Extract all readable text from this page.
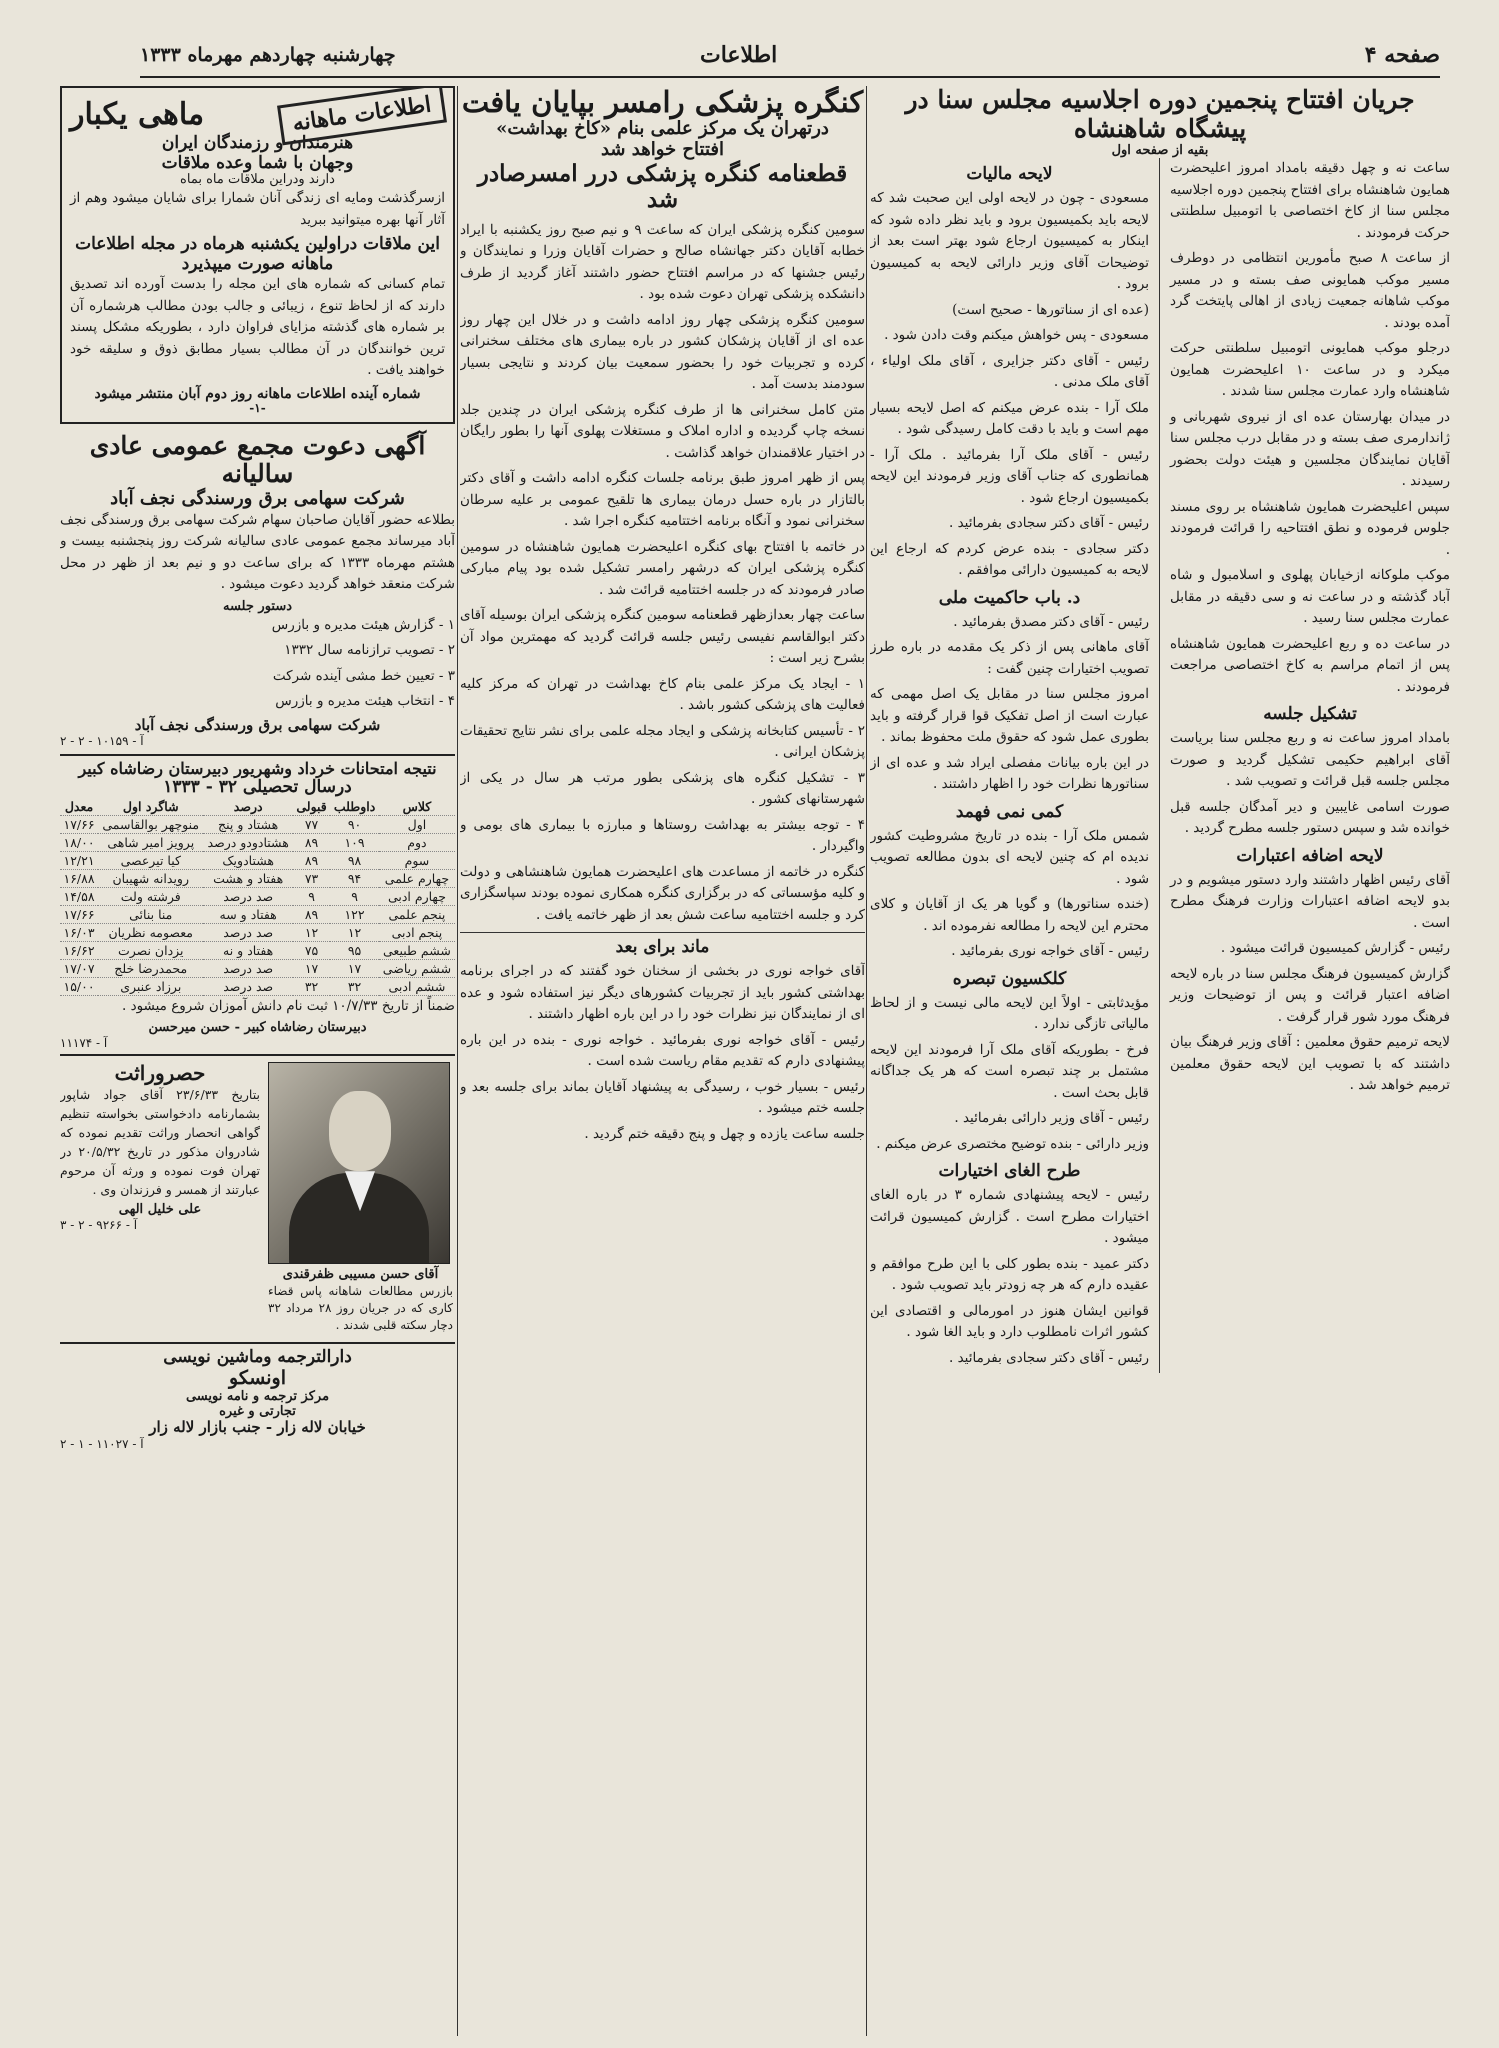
چهارشنبه چهاردهم مهرماه ۱۳۳۳	اطلاعات	صفحه ۴
ماهی یکبار	اطلاعات ماهانه
هنرمندان و رزمندگان ایران
وجهان با شما وعده ملاقات
دارند ودراین ملاقات ماه بماه

ازسرگذشت ومایه ای زندگی آنان شمارا برای شایان میشود وهم از آثار آنها بهره میتوانید ببرید

این ملاقات دراولین یکشنبه هرماه در مجله اطلاعات ماهانه صورت میپذیرد

تمام کسانی که شماره های این مجله را بدست آورده اند تصدیق دارند که از لحاظ تنوع ، زیبائی و جالب بودن مطالب هرشماره آن بر شماره های گذشته مزایای فراوان دارد ، بطوریکه مشکل پسند ترین خوانندگان در آن مطالب بسیار مطابق ذوق و سلیقه خود خواهند یافت .

شماره آینده اطلاعات ماهانه روز دوم آبان منتشر میشود
-۱-
آگهی دعوت مجمع عمومی عادی سالیانه
شرکت سهامی برق ورسندگی نجف آباد

بطلاعه حضور آقایان صاحبان سهام شرکت سهامی برق ورسندگی نجف آباد میرساند مجمع عمومی عادی سالیانه شرکت روز پنجشنبه بیست و هشتم مهرماه ۱۳۳۳ که برای ساعت دو و نیم بعد از ظهر در محل شرکت منعقد خواهد گردید دعوت میشود .

دستور جلسه
۱ - گزارش هیئت مدیره و بازرس
۲ - تصویب ترازنامه سال ۱۳۳۲
۳ - تعیین خط مشی آینده شرکت
۴ - انتخاب هیئت مدیره و بازرس
شرکت سهامی برق ورسندگی نجف آباد
آ - ۱۰۱۵۹ - ۲ - ۲
نتیجه امتحانات خرداد وشهریور دبیرستان رضاشاه کبیر
درسال تحصیلی ۳۲ - ۱۳۳۳
کلاس	داوطلب	قبولی	درصد	شاگرد اول	معدل
اول	۹۰	۷۷	هشتاد و پنج	منوچهر بوالقاسمی	۱۷/۶۶
دوم	۱۰۹	۸۹	هشتادودو درصد	پرویز امیر شاهی	۱۸/۰۰
سوم	۹۸	۸۹	هشتادویک	کیا تیرعصی	۱۲/۲۱
چهارم علمی	۹۴	۷۳	هفتاد و هشت	رویدانه شهیبان	۱۶/۸۸
چهارم ادبی	۹	۹	صد درصد	فرشته ولت	۱۴/۵۸
پنجم علمی	۱۲۲	۸۹	هفتاد و سه	منا بنائی	۱۷/۶۶
پنجم ادبی	۱۲	۱۲	صد درصد	معصومه نظریان	۱۶/۰۳
ششم طبیعی	۹۵	۷۵	هفتاد و نه	یزدان نصرت	۱۶/۶۲
ششم ریاضی	۱۷	۱۷	صد درصد	محمدرضا خلج	۱۷/۰۷
ششم ادبی	۳۲	۳۲	صد درصد	برزاد عنبری	۱۵/۰۰

ضمناً از تاریخ ۱۰/۷/۳۳ ثبت نام دانش آموزان شروع میشود .

دبیرستان رضاشاه کبیر - حسن میرحسن
آ - ۱۱۱۷۴
حصروراثت

بتاریخ ۲۳/۶/۳۳ آقای جواد شاپور بشمارنامه دادخواستی بخواسته تنظیم گواهی انحصار وراثت تقدیم نموده که شادروان مذکور در تاریخ ۲۰/۵/۳۲ در تهران فوت نموده و ورثه آن مرحوم عبارتند از همسر و فرزندان وی .

علی خلیل الهی
آ - ۹۲۶۶ - ۲ - ۳
آقای حسن مسیبی ظفرقندی

بازرس مطالعات شاهانه پاس قضاء کاری که در جریان روز ۲۸ مرداد ۳۲ دچار سکته قلبی شدند .

دارالترجمه وماشین نویسی
اونسکو
مرکز ترجمه و نامه نویسی
تجارتی و غیره
خیابان لاله زار - جنب بازار لاله زار
آ - ۱۱۰۲۷ - ۱ - ۲
کنگره پزشکی رامسر بپایان یافت
درتهران یک مرکز علمی بنام «کاخ بهداشت»
افتتاح خواهد شد
قطعنامه کنگره پزشکی درر امسرصادر شد

سومین کنگره پزشکی ایران که ساعت ۹ و نیم صبح روز یکشنبه با ایراد خطابه آقایان دکتر جهانشاه صالح و حضرات آقایان وزرا و نمایندگان و رئیس جشنها که در مراسم افتتاح حضور داشتند آغاز گردید از طرف دانشکده پزشکی تهران دعوت شده بود .

سومین کنگره پزشکی چهار روز ادامه داشت و در خلال این چهار روز عده ای از آقایان پزشکان کشور در باره بیماری های مختلف سخنرانی کرده و تجربیات خود را بحضور سمعیت بیان کردند و نتایجی بسیار سودمند بدست آمد .

متن کامل سخنرانی ها از طرف کنگره پزشکی ایران در چندین جلد نسخه چاپ گردیده و اداره املاک و مستغلات پهلوی آنها را بطور رایگان در اختیار علاقمندان خواهد گذاشت .

پس از ظهر امروز طبق برنامه جلسات کنگره ادامه داشت و آقای دکتر بالتازار در باره حسل درمان بیماری ها تلقیح عمومی بر علیه سرطان سخنرانی نمود و آنگاه برنامه اختتامیه کنگره اجرا شد .

در خاتمه با افتتاح بهای کنگره اعلیحضرت همایون شاهنشاه در سومین کنگره پزشکی ایران که درشهر رامسر تشکیل شده بود پیام مبارکی صادر فرمودند که در جلسه اختتامیه قرائت شد .

ساعت چهار بعدازظهر قطعنامه سومین کنگره پزشکی ایران بوسیله آقای دکتر ابوالقاسم نفیسی رئیس جلسه قرائت گردید که مهمترین مواد آن بشرح زیر است :

۱ - ایجاد یک مرکز علمی بنام کاخ بهداشت در تهران که مرکز کلیه فعالیت های پزشکی کشور باشد .

۲ - تأسیس کتابخانه پزشکی و ایجاد مجله علمی برای نشر نتایج تحقیقات پزشکان ایرانی .

۳ - تشکیل کنگره های پزشکی بطور مرتب هر سال در یکی از شهرستانهای کشور .

۴ - توجه بیشتر به بهداشت روستاها و مبارزه با بیماری های بومی و واگیردار .

کنگره در خاتمه از مساعدت های اعلیحضرت همایون شاهنشاهی و دولت و کلیه مؤسساتی که در برگزاری کنگره همکاری نموده بودند سپاسگزاری کرد و جلسه اختتامیه ساعت شش بعد از ظهر خاتمه یافت .

ماند برای بعد

آقای خواجه نوری در بخشی از سخنان خود گفتند که در اجرای برنامه بهداشتی کشور باید از تجربیات کشورهای دیگر نیز استفاده شود و عده ای از نمایندگان نیز نظرات خود را در این باره اظهار داشتند .

رئیس - آقای خواجه نوری بفرمائید . خواجه نوری - بنده در این باره پیشنهادی دارم که تقدیم مقام ریاست شده است .

رئیس - بسیار خوب ، رسیدگی به پیشنهاد آقایان بماند برای جلسه بعد و جلسه ختم میشود .

جلسه ساعت یازده و چهل و پنج دقیقه ختم گردید .

جریان افتتاح پنجمین دوره اجلاسیه مجلس سنا در پیشگاه شاهنشاه
بقیه از صفحه اول

ساعت نه و چهل دقیقه بامداد امروز اعلیحضرت همایون شاهنشاه برای افتتاح پنجمین دوره اجلاسیه مجلس سنا از کاخ اختصاصی با اتومبیل سلطنتی حرکت فرمودند .

از ساعت ۸ صبح مأمورین انتظامی در دوطرف مسیر موکب همایونی صف بسته و در مسیر موکب شاهانه جمعیت زیادی از اهالی پایتخت گرد آمده بودند .

درجلو موکب همایونی اتومبیل سلطنتی حرکت میکرد و در ساعت ۱۰ اعلیحضرت همایون شاهنشاه وارد عمارت مجلس سنا شدند .

در میدان بهارستان عده ای از نیروی شهربانی و ژاندارمری صف بسته و در مقابل درب مجلس سنا آقایان نمایندگان مجلسین و هیئت دولت بحضور رسیدند .

سپس اعلیحضرت همایون شاهنشاه بر روی مسند جلوس فرموده و نطق افتتاحیه را قرائت فرمودند .

موکب ملوکانه ازخیابان پهلوی و اسلامبول و شاه آباد گذشته و در ساعت نه و سی دقیقه در مقابل عمارت مجلس سنا رسید .

در ساعت ده و ربع اعلیحضرت همایون شاهنشاه پس از اتمام مراسم به کاخ اختصاصی مراجعت فرمودند .

تشکیل جلسه

بامداد امروز ساعت نه و ربع مجلس سنا بریاست آقای ابراهیم حکیمی تشکیل گردید و صورت مجلس جلسه قبل قرائت و تصویب شد .

صورت اسامی غایبین و دیر آمدگان جلسه قبل خوانده شد و سپس دستور جلسه مطرح گردید .

لایحه اضافه اعتبارات

آقای رئیس اظهار داشتند وارد دستور میشویم و در بدو لایحه اضافه اعتبارات وزارت فرهنگ مطرح است .

رئیس - گزارش کمیسیون قرائت میشود .

گزارش کمیسیون فرهنگ مجلس سنا در باره لایحه اضافه اعتبار قرائت و پس از توضیحات وزیر فرهنگ مورد شور قرار گرفت .

لایحه ترمیم حقوق معلمین : آقای وزیر فرهنگ بیان داشتند که با تصویب این لایحه حقوق معلمین ترمیم خواهد شد .

لایحه مالیات

مسعودی - چون در لایحه اولی این صحبت شد که لایحه باید بکمیسیون برود و باید نظر داده شود که اینکار به کمیسیون ارجاع شود بهتر است بعد از توضیحات آقای وزیر دارائی لایحه به کمیسیون برود .

(عده ای از سناتورها - صحیح است)

مسعودی - پس خواهش میکنم وقت دادن شود .

رئیس - آقای دکتر جزایری ، آقای ملک اولیاء ، آقای ملک مدنی .

ملک آرا - بنده عرض میکنم که اصل لایحه بسیار مهم است و باید با دقت کامل رسیدگی شود .

رئیس - آقای ملک آرا بفرمائید . ملک آرا - همانطوری که جناب آقای وزیر فرمودند این لایحه بکمیسیون ارجاع شود .

رئیس - آقای دکتر سجادی بفرمائید .

دکتر سجادی - بنده عرض کردم که ارجاع این لایحه به کمیسیون دارائی موافقم .

د. باب حاکمیت ملی

رئیس - آقای دکتر مصدق بفرمائید .

آقای ماهانی پس از ذکر یک مقدمه در باره طرز تصویب اختیارات چنین گفت :

امروز مجلس سنا در مقابل یک اصل مهمی که عبارت است از اصل تفکیک قوا قرار گرفته و باید بطوری عمل شود که حقوق ملت محفوظ بماند .

در این باره بیانات مفصلی ایراد شد و عده ای از سناتورها نظرات خود را اظهار داشتند .

کمی نمی فهمد

شمس ملک آرا - بنده در تاریخ مشروطیت کشور ندیده ام که چنین لایحه ای بدون مطالعه تصویب شود .

(خنده سناتورها) و گویا هر یک از آقایان و کلای محترم این لایحه را مطالعه نفرموده اند .

رئیس - آقای خواجه نوری بفرمائید .

کلکسیون تبصره

مؤیدثابتی - اولاً این لایحه مالی نیست و از لحاظ مالیاتی تازگی ندارد .

فرخ - بطوریکه آقای ملک آرا فرمودند این لایحه مشتمل بر چند تبصره است که هر یک جداگانه قابل بحث است .

رئیس - آقای وزیر دارائی بفرمائید .

وزیر دارائی - بنده توضیح مختصری عرض میکنم .

طرح الغای اختیارات

رئیس - لایحه پیشنهادی شماره ۳ در باره الغای اختیارات مطرح است . گزارش کمیسیون قرائت میشود .

دکتر عمید - بنده بطور کلی با این طرح موافقم و عقیده دارم که هر چه زودتر باید تصویب شود .

قوانین ایشان هنوز در امورمالی و اقتصادی این کشور اثرات نامطلوب دارد و باید الغا شود .

رئیس - آقای دکتر سجادی بفرمائید .
